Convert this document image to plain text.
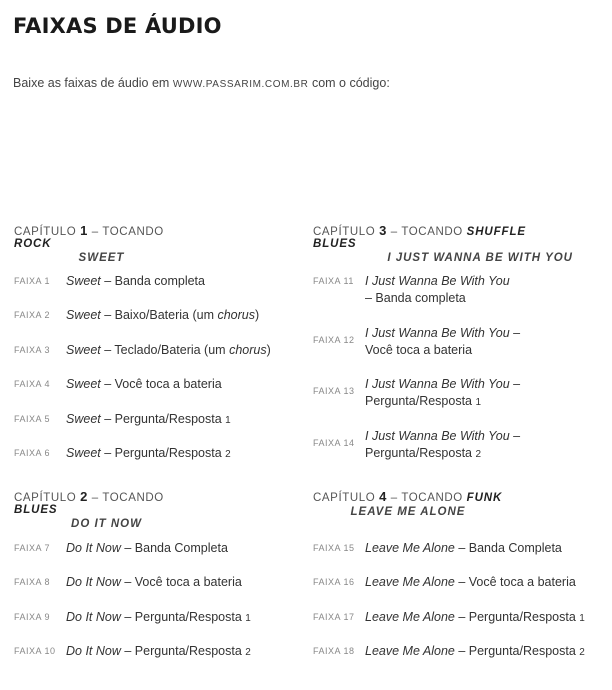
FAIXAS DE ÁUDIO
Baixe as faixas de áudio em WWW.PASSARIM.COM.BR com o código:
CAPÍTULO 1 – TOCANDO ROCK
SWEET
FAIXA 1 Sweet – Banda completa
FAIXA 2 Sweet – Baixo/Bateria (um chorus)
FAIXA 3 Sweet – Teclado/Bateria (um chorus)
FAIXA 4 Sweet – Você toca a bateria
FAIXA 5 Sweet – Pergunta/Resposta 1
FAIXA 6 Sweet – Pergunta/Resposta 2
CAPÍTULO 2 – TOCANDO BLUES
DO IT NOW
FAIXA 7 Do It Now – Banda Completa
FAIXA 8 Do It Now – Você toca a bateria
FAIXA 9 Do It Now – Pergunta/Resposta 1
FAIXA 10 Do It Now – Pergunta/Resposta 2
CAPÍTULO 3 – TOCANDO SHUFFLE BLUES
I JUST WANNA BE WITH YOU
FAIXA 11 I Just Wanna Be With You
– Banda completa
FAIXA 12 I Just Wanna Be With You –
Você toca a bateria
FAIXA 13 I Just Wanna Be With You –
Pergunta/Resposta 1
FAIXA 14 I Just Wanna Be With You –
Pergunta/Resposta 2
CAPÍTULO 4 – TOCANDO FUNK
LEAVE ME ALONE
FAIXA 15 Leave Me Alone – Banda Completa
FAIXA 16 Leave Me Alone – Você toca a bateria
FAIXA 17 Leave Me Alone – Pergunta/Resposta 1
FAIXA 18 Leave Me Alone – Pergunta/Resposta 2
